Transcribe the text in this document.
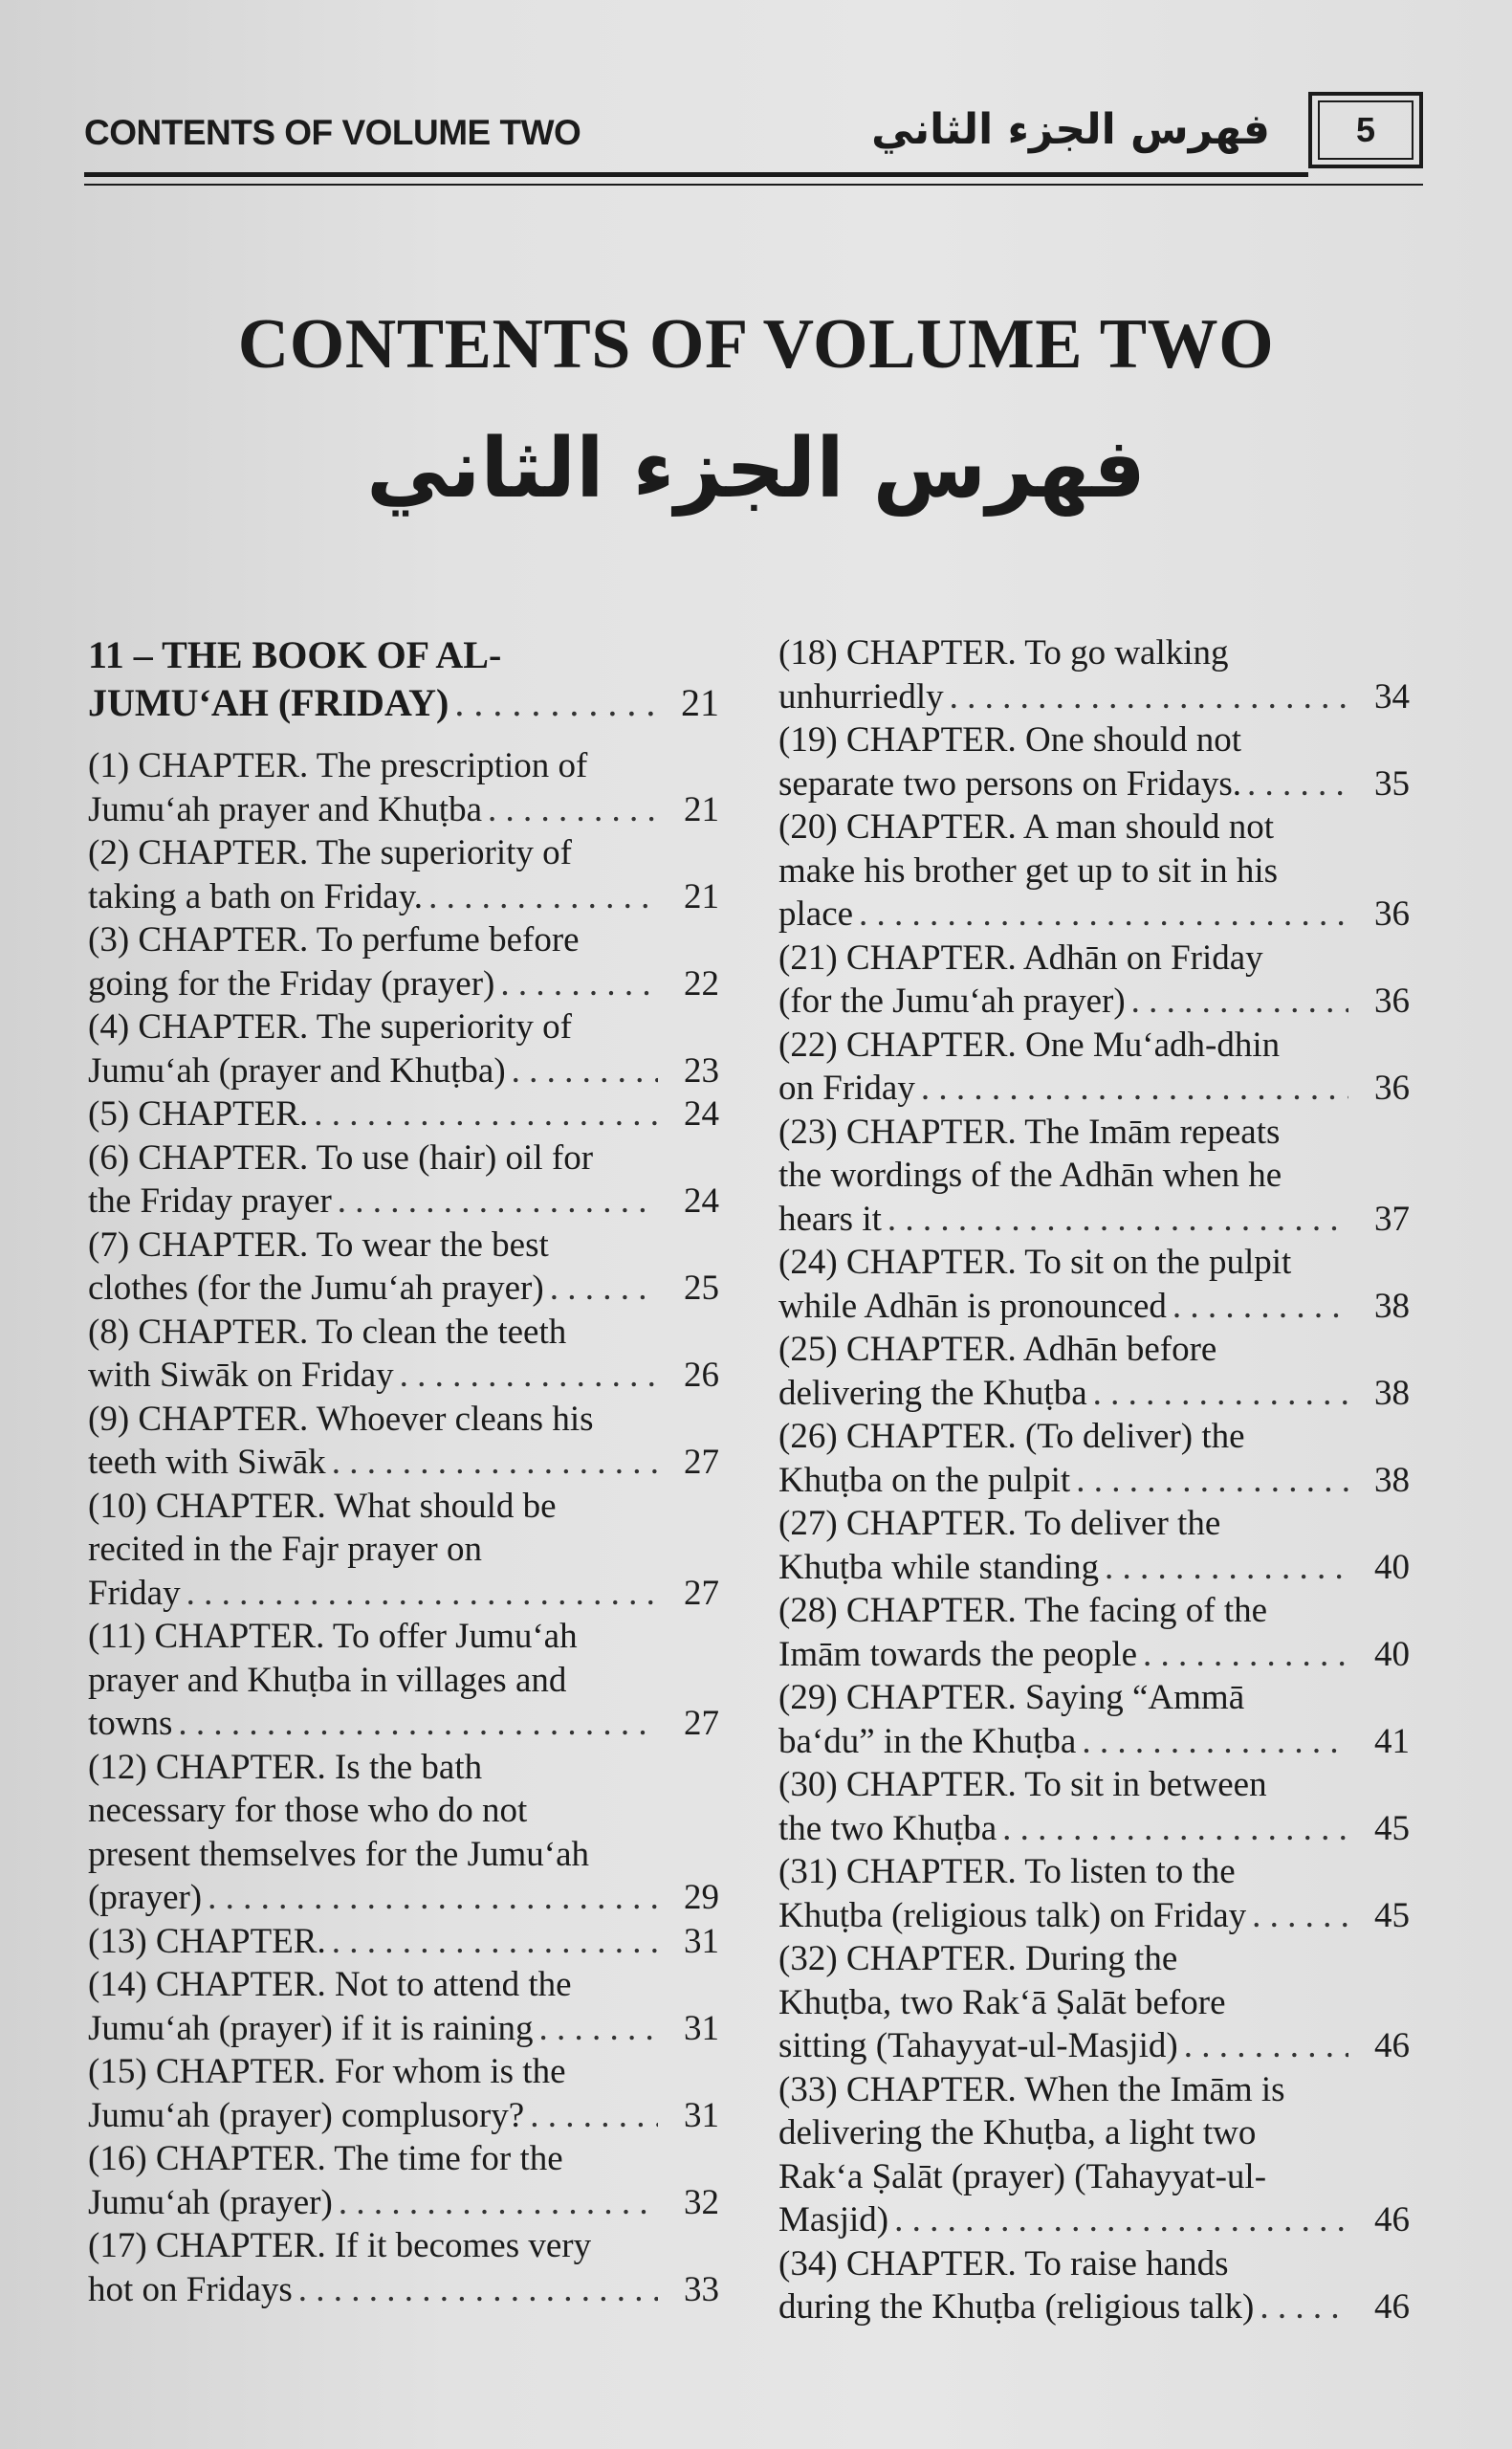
CONTENTS OF VOLUME TWO	فهرس الجزء الثاني	5
CONTENTS OF VOLUME TWO
فهرس الجزء الثاني
11 – THE BOOK OF AL-
JUMU‘AH (FRIDAY) . . .	21
(1) CHAPTER. The prescription of
Jumu‘ah prayer and Khuṭba . . .	21
(2) CHAPTER. The superiority of
taking a bath on Friday. . . .	21
(3) CHAPTER. To perfume before
going for the Friday (prayer) . . .	22
(4) CHAPTER. The superiority of
Jumu‘ah (prayer and Khuṭba) . . .	23
(5) CHAPTER. . . .	24
(6) CHAPTER. To use (hair) oil for
the Friday prayer . . .	24
(7) CHAPTER. To wear the best
clothes (for the Jumu‘ah prayer) . . .	25
(8) CHAPTER. To clean the teeth
with Siwāk on Friday . . .	26
(9) CHAPTER. Whoever cleans his
teeth with Siwāk . . .	27
(10) CHAPTER. What should be
recited in the Fajr prayer on
Friday . . .	27
(11) CHAPTER. To offer Jumu‘ah
prayer and Khuṭba in villages and
towns . . .	27
(12) CHAPTER. Is the bath
necessary for those who do not
present themselves for the Jumu‘ah
(prayer) . . .	29
(13) CHAPTER. . . .	31
(14) CHAPTER. Not to attend the
Jumu‘ah (prayer) if it is raining . . .	31
(15) CHAPTER. For whom is the
Jumu‘ah (prayer) complusory? . . .	31
(16) CHAPTER. The time for the
Jumu‘ah (prayer) . . .	32
(17) CHAPTER. If it becomes very
hot on Fridays . . .	33
(18) CHAPTER. To go walking
unhurriedly . . .	34
(19) CHAPTER. One should not
separate two persons on Fridays. . . .	35
(20) CHAPTER. A man should not
make his brother get up to sit in his
place . . .	36
(21) CHAPTER. Adhān on Friday
(for the Jumu‘ah prayer) . . .	36
(22) CHAPTER. One Mu‘adh-dhin
on Friday . . .	36
(23) CHAPTER. The Imām repeats
the wordings of the Adhān when he
hears it . . .	37
(24) CHAPTER. To sit on the pulpit
while Adhān is pronounced . . .	38
(25) CHAPTER. Adhān before
delivering the Khuṭba . . .	38
(26) CHAPTER. (To deliver) the
Khuṭba on the pulpit . . .	38
(27) CHAPTER. To deliver the
Khuṭba while standing . . .	40
(28) CHAPTER. The facing of the
Imām towards the people . . .	40
(29) CHAPTER. Saying “Ammā
ba‘du” in the Khuṭba . . .	41
(30) CHAPTER. To sit in between
the two Khuṭba . . .	45
(31) CHAPTER. To listen to the
Khuṭba (religious talk) on Friday . . .	45
(32) CHAPTER. During the
Khuṭba, two Rak‘ā Ṣalāt before
sitting (Tahayyat-ul-Masjid) . . .	46
(33) CHAPTER. When the Imām is
delivering the Khuṭba, a light two
Rak‘a Ṣalāt (prayer) (Tahayyat-ul-
Masjid) . . .	46
(34) CHAPTER. To raise hands
during the Khuṭba (religious talk) . . .	46
